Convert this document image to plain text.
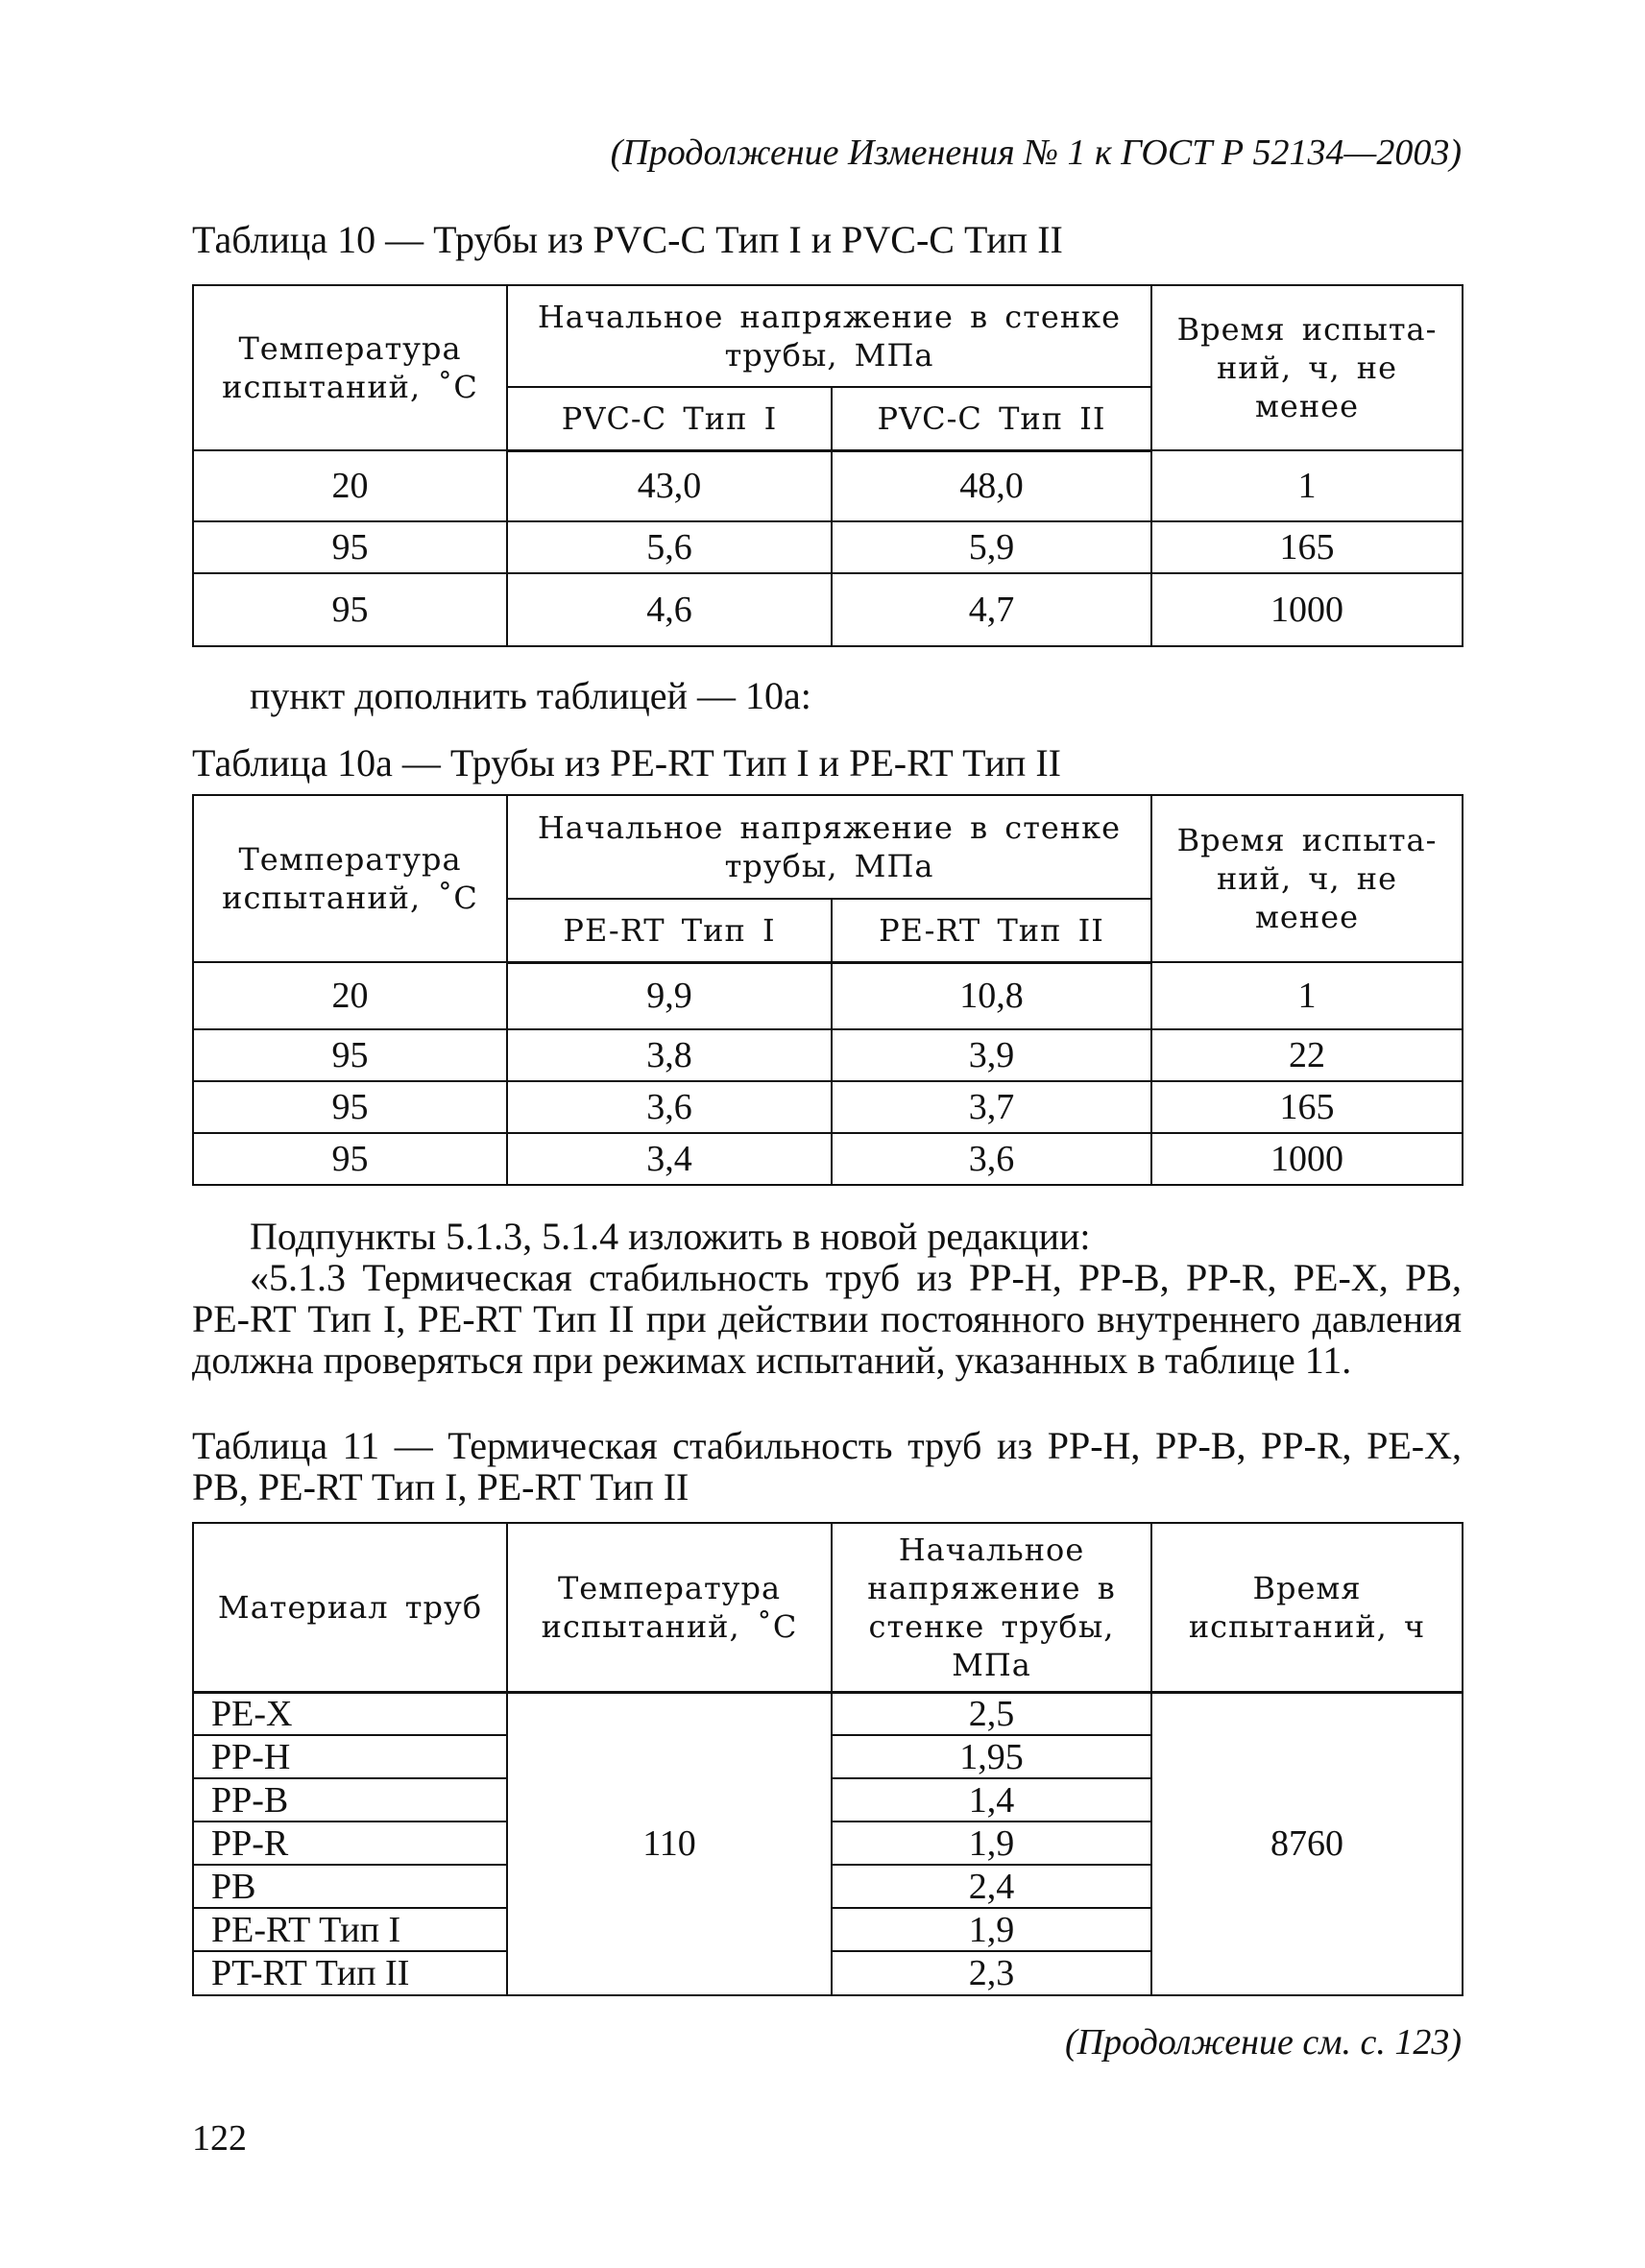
(Продолжение Изменения № 1 к ГОСТ Р 52134—2003)
Таблица 10 — Трубы из PVC-C Тип I и PVC-C Тип II
Температура испытаний, ˚С	Начальное напряжение в стенке трубы, МПа		Время испыта-ний, ч, не менее
	PVC-C Тип I	PVC-C Тип II	
20	43,0	48,0	1
95	5,6	5,9	165
95	4,6	4,7	1000
пункт дополнить таблицей — 10а:
Таблица 10а — Трубы из PE-RT Тип I и PE-RT Тип II
Температура испытаний, ˚С	Начальное напряжение в стенке трубы, МПа		Время испыта-ний, ч, не менее
	PE-RT Тип I	PE-RT Тип II	
20	9,9	10,8	1
95	3,8	3,9	22
95	3,6	3,7	165
95	3,4	3,6	1000
Подпункты 5.1.3, 5.1.4 изложить в новой редакции:
«5.1.3 Термическая стабильность труб из PP-H, PP-B, PP-R, PE-X, PB, PE-RT Тип I, PE-RT Тип II при действии постоянного внутреннего давления должна проверяться при режимах испытаний, указанных в таблице 11.
Таблица 11 — Термическая стабильность труб из PP-H, PP-B, PP-R, PE-X, PB, PE-RT Тип I, PE-RT Тип II
Материал труб	Температура испытаний, ˚С	Начальное напряжение в стенке трубы, МПа	Время испытаний, ч
PE-X	110	2,5	8760
PP-H		1,95	
PP-B		1,4	
PP-R		1,9	
PB		2,4	
PE-RT Тип I		1,9	
PT-RT Тип II		2,3	
(Продолжение см. с. 123)
122
